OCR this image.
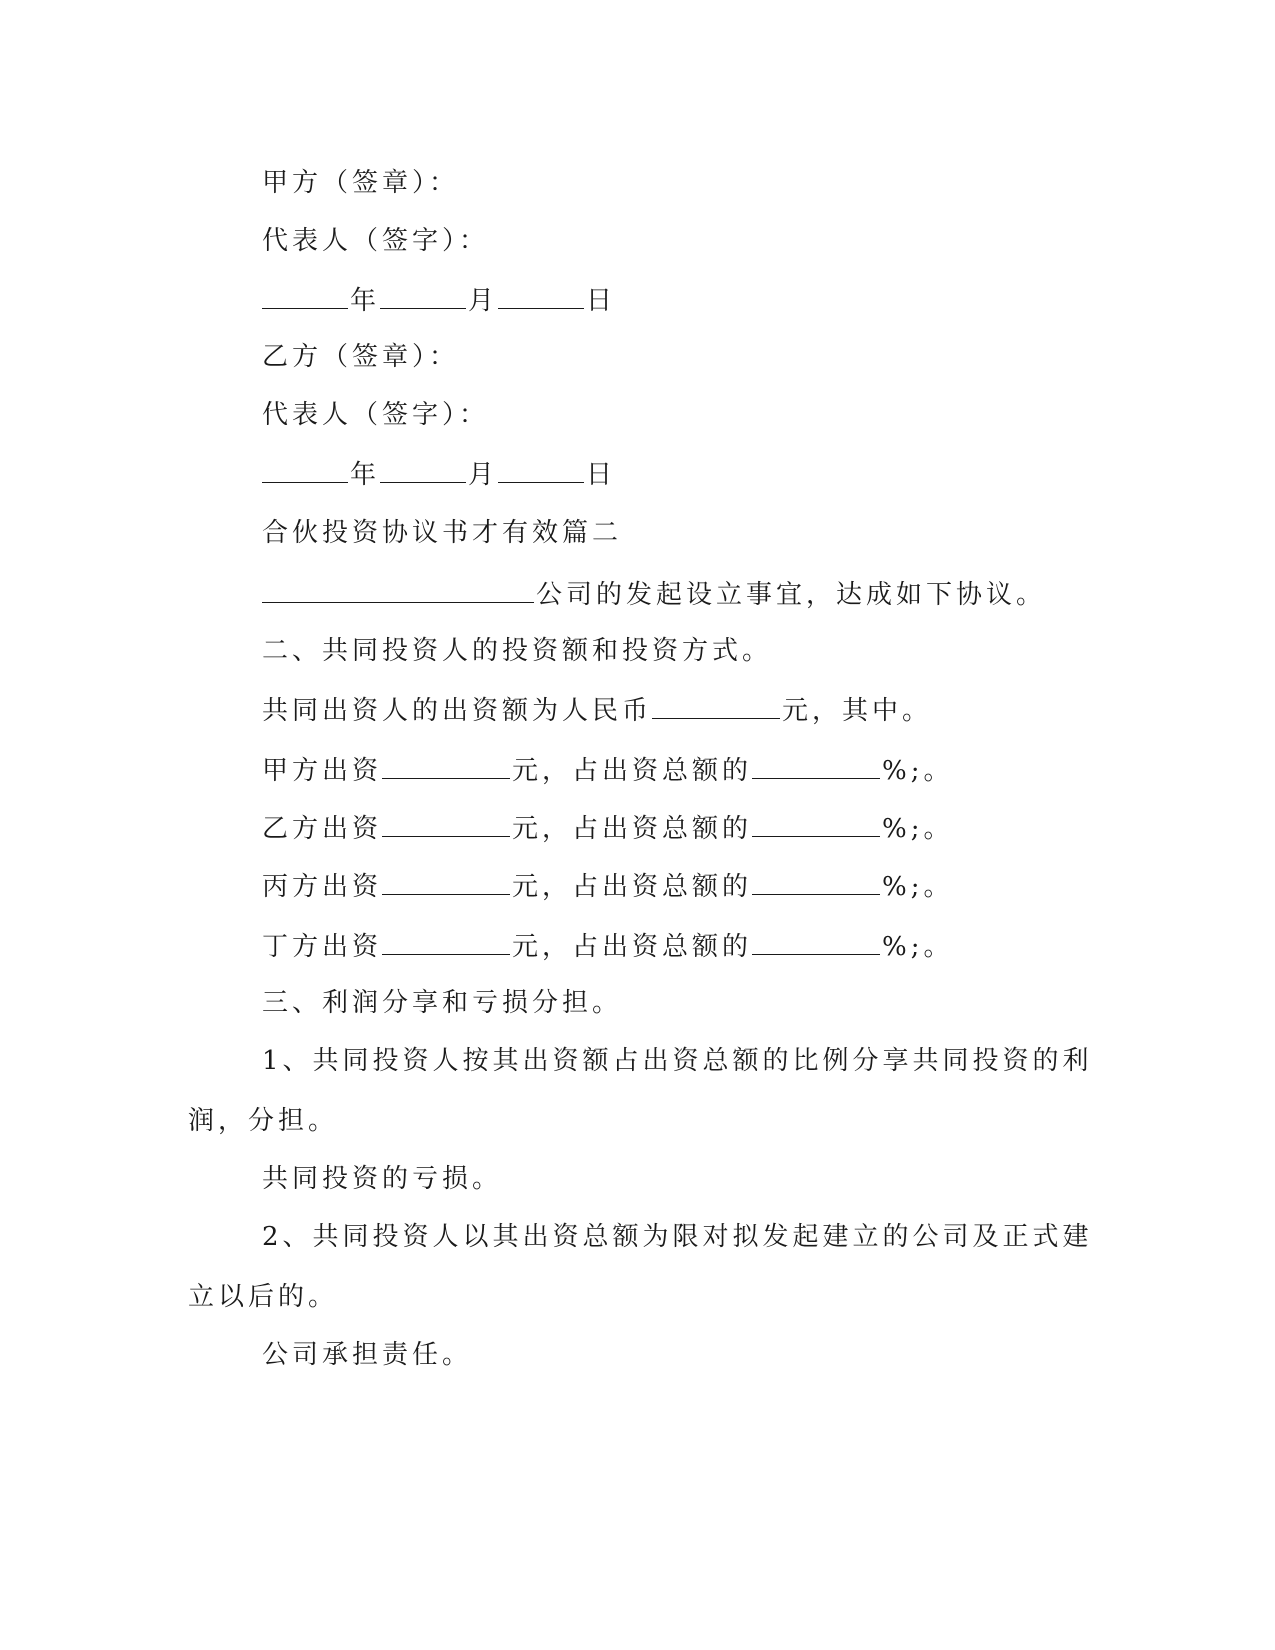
甲方（签章）：
代表人（签字）：
年	月	日
乙方（签章）：
代表人（签字）：
年	月	日
合伙投资协议书才有效篇二
公司的发起设立事宜，达成如下协议。
二、共同投资人的投资额和投资方式。
共同出资人的出资额为人民币	元，其中。
甲方出资	元，占出资总额的	%;。
乙方出资	元，占出资总额的	%;。
丙方出资	元，占出资总额的	%;。
丁方出资	元，占出资总额的	%;。
三、利润分享和亏损分担。
1、共同投资人按其出资额占出资总额的比例分享共同投资的利
润，分担。
共同投资的亏损。
2、共同投资人以其出资总额为限对拟发起建立的公司及正式建
立以后的。
公司承担责任。
